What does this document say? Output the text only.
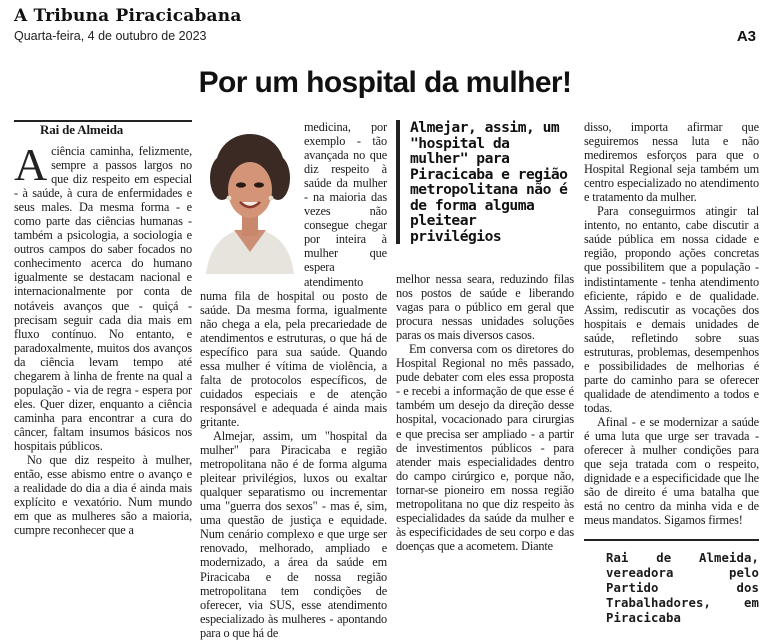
A Tribuna Piracicabana
Quarta-feira, 4 de outubro de 2023	A3
Por um hospital da mulher!
Rai de Almeida
A ciência caminha, felizmente, sempre a passos largos no que diz respeito em especial - à saúde, à cura de enfermidades e seus males. Da mesma forma - e como parte das ciências humanas - também a psicologia, a sociologia e outros campos do saber focados no conhecimento acerca do humano igualmente se destacam nacional e internacionalmente por conta de notáveis avanços que - quiçá - precisam seguir cada dia mais em fluxo contínuo. No entanto, e paradoxalmente, muitos dos avanços da ciência levam tempo até chegarem à linha de frente na qual a população - via de regra - espera por eles. Quer dizer, enquanto a ciência caminha para encontrar a cura do câncer, faltam insumos básicos nos hospitais públicos.

No que diz respeito à mulher, então, esse abismo entre o avanço e a realidade do dia a dia é ainda mais explícito e vexatório. Num mundo em que as mulheres são a maioria, cumpre reconhecer que a

medicina, por exemplo - tão avançada no que diz respeito à saúde da mulher - na maioria das vezes não consegue chegar por inteira à mulher que espera atendimento numa fila de hospital ou posto de saúde. Da mesma forma, igualmente não chega a ela, pela precariedade de atendimentos e estruturas, o que há de específico para sua saúde. Quando essa mulher é vítima de violência, a falta de protocolos específicos, de cuidados especiais e de atenção responsável e adequada é ainda mais gritante.

Almejar, assim, um "hospital da mulher" para Piracicaba e região metropolitana não é de forma alguma pleitear privilégios, luxos ou exaltar qualquer separatismo ou incrementar uma "guerra dos sexos" - mas é, sim, uma questão de justiça e equidade. Num cenário complexo e que urge ser renovado, melhorado, ampliado e modernizado, a área da saúde em Piracicaba e de nossa região metropolitana tem condições de oferecer, via SUS, esse atendimento especializado às mulheres - apontando para o que há de

Almejar, assim, um "hospital da mulher" para Piracicaba e região metropolitana não é de forma alguma pleitear privilégios

melhor nessa seara, reduzindo filas nos postos de saúde e liberando vagas para o público em geral que procura nessas unidades soluções paras os mais diversos casos.

Em conversa com os diretores do Hospital Regional no mês passado, pude debater com eles essa proposta - e recebi a informação de que esse é também um desejo da direção desse hospital, vocacionado para cirurgias e que precisa ser ampliado - a partir de investimentos públicos - para atender mais especialidades dentro do campo cirúrgico e, porque não, tornar-se pioneiro em nossa região metropolitana no que diz respeito às especialidades da saúde da mulher e às especificidades de seu corpo e das doenças que a acometem. Diante

disso, importa afirmar que seguiremos nessa luta e não mediremos esforços para que o Hospital Regional seja também um centro especializado no atendimento e tratamento da mulher.

Para conseguirmos atingir tal intento, no entanto, cabe discutir a saúde pública em nossa cidade e região, propondo ações concretas que possibilitem que a população - indistintamente - tenha atendimento eficiente, rápido e de qualidade. Assim, rediscutir as vocações dos hospitais e demais unidades de saúde, refletindo sobre suas estruturas, problemas, desempenhos e possibilidades de melhorias é parte do caminho para se oferecer qualidade de atendimento a todos e todas.

Afinal - e se modernizar a saúde é uma luta que urge ser travada - oferecer à mulher condições para que seja tratada com o respeito, dignidade e a especificidade que lhe são de direito é uma batalha que está no centro da minha vida e de meus mandatos. Sigamos firmes!

Rai de Almeida, vereadora pelo Partido dos Trabalhadores, em Piracicaba
